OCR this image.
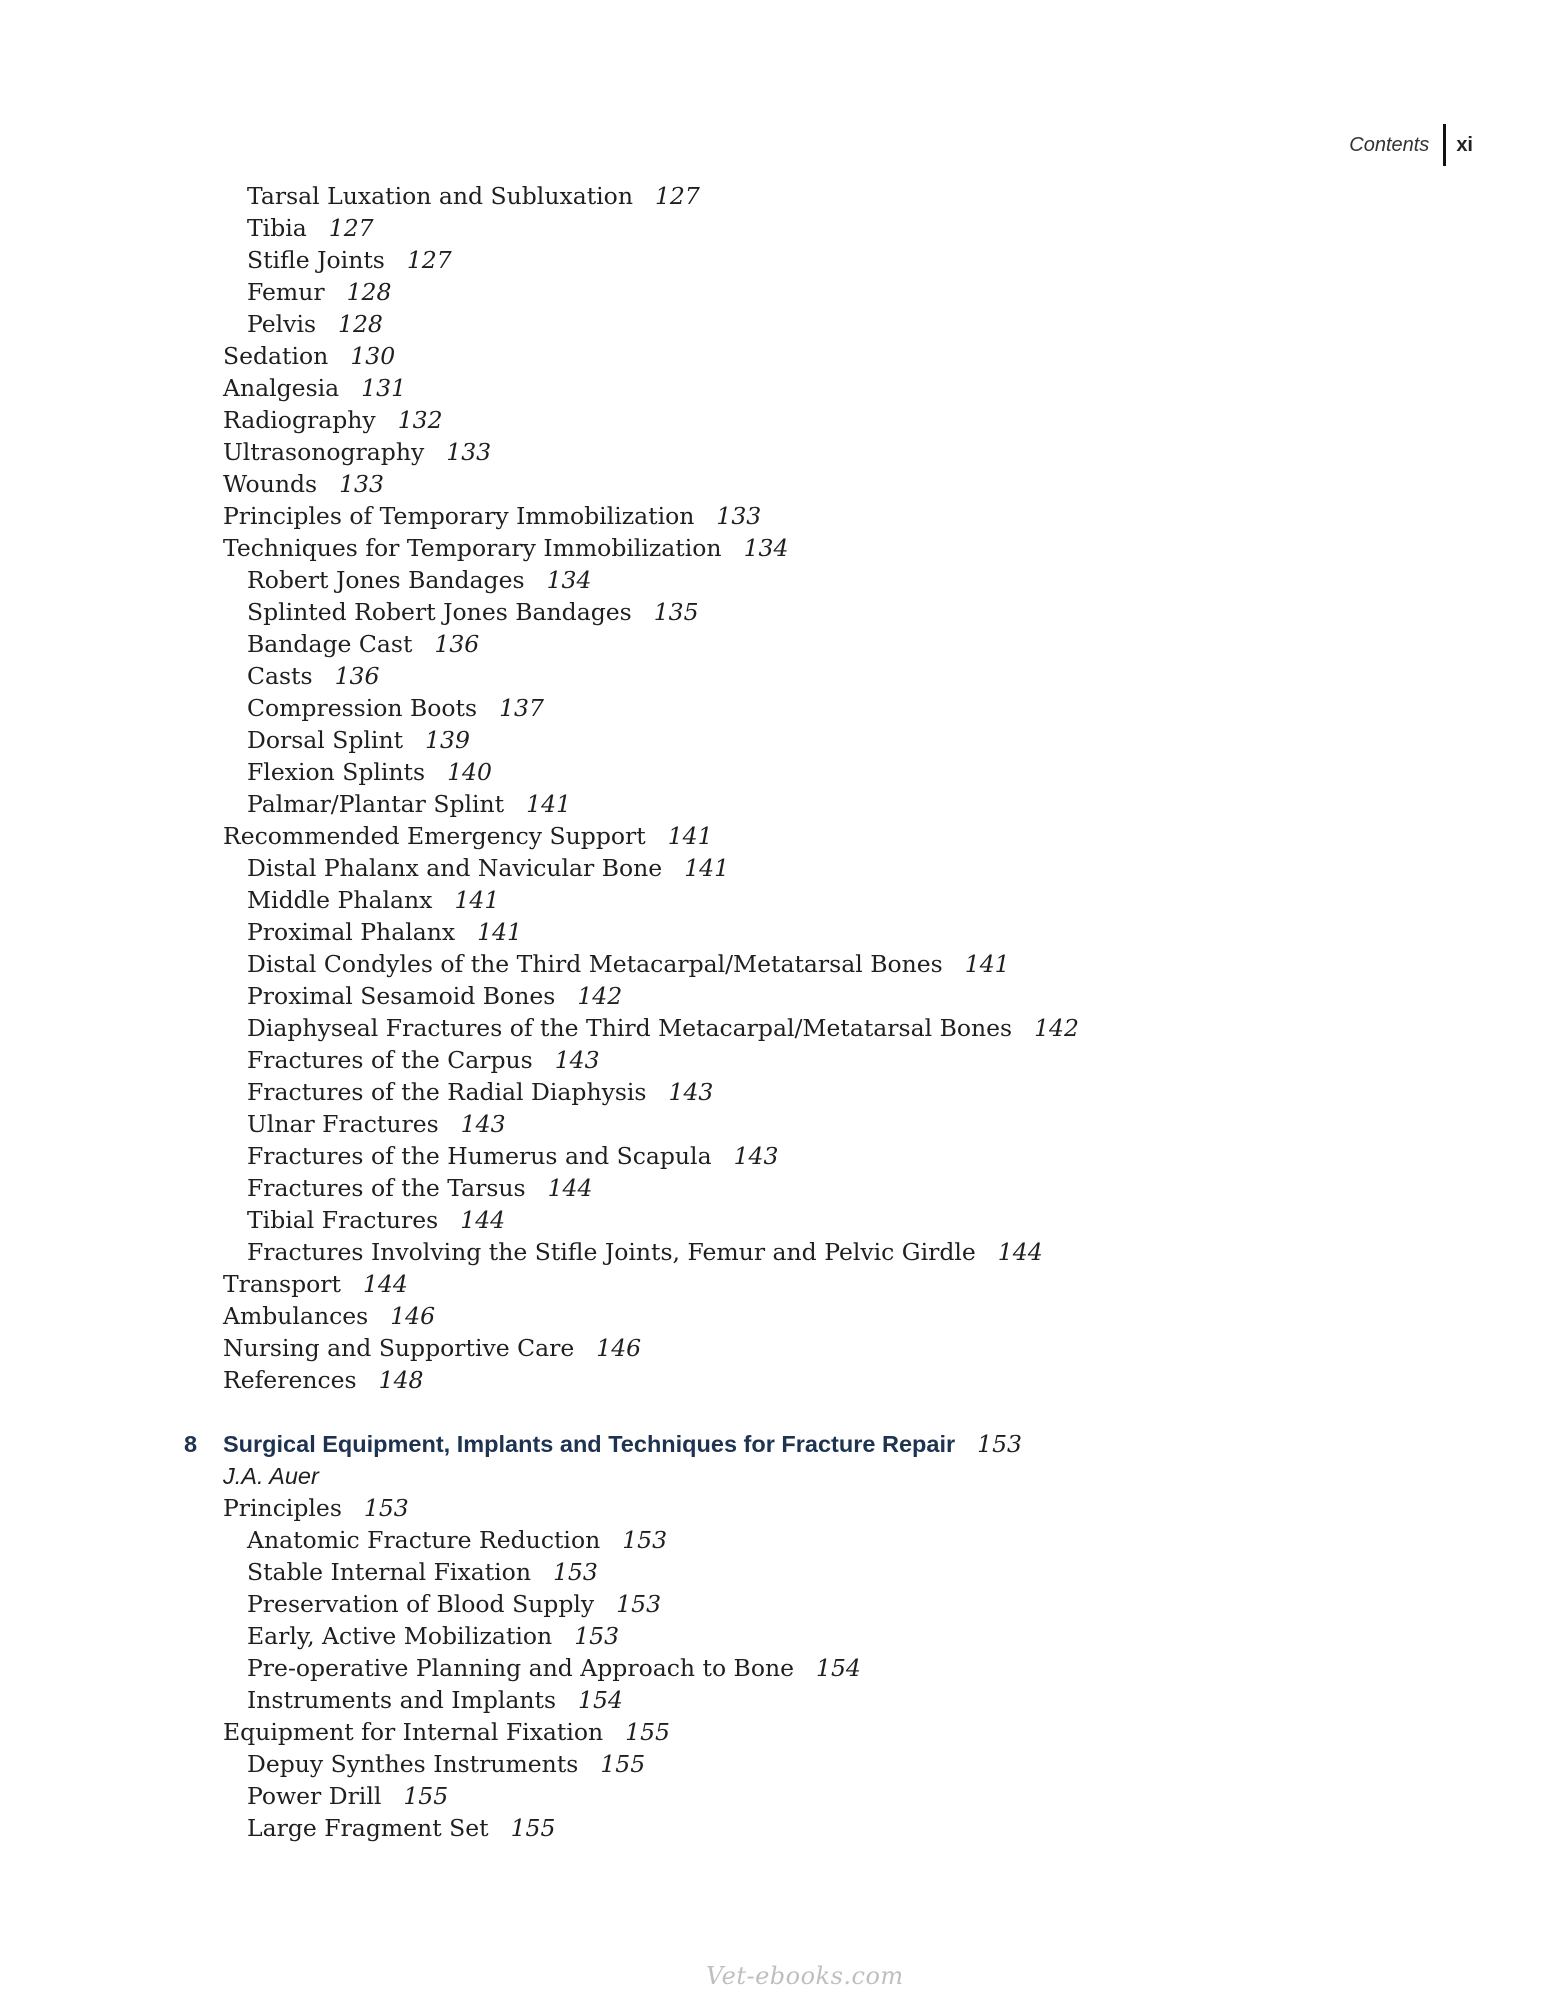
Contents xi
Tarsal Luxation and Subluxation 127
Tibia 127
Stifle Joints 127
Femur 128
Pelvis 128
Sedation 130
Analgesia 131
Radiography 132
Ultrasonography 133
Wounds 133
Principles of Temporary Immobilization 133
Techniques for Temporary Immobilization 134
Robert Jones Bandages 134
Splinted Robert Jones Bandages 135
Bandage Cast 136
Casts 136
Compression Boots 137
Dorsal Splint 139
Flexion Splints 140
Palmar/Plantar Splint 141
Recommended Emergency Support 141
Distal Phalanx and Navicular Bone 141
Middle Phalanx 141
Proximal Phalanx 141
Distal Condyles of the Third Metacarpal/Metatarsal Bones 141
Proximal Sesamoid Bones 142
Diaphyseal Fractures of the Third Metacarpal/Metatarsal Bones 142
Fractures of the Carpus 143
Fractures of the Radial Diaphysis 143
Ulnar Fractures 143
Fractures of the Humerus and Scapula 143
Fractures of the Tarsus 144
Tibial Fractures 144
Fractures Involving the Stifle Joints, Femur and Pelvic Girdle 144
Transport 144
Ambulances 146
Nursing and Supportive Care 146
References 148
8 Surgical Equipment, Implants and Techniques for Fracture Repair 153
J.A. Auer
Principles 153
Anatomic Fracture Reduction 153
Stable Internal Fixation 153
Preservation of Blood Supply 153
Early, Active Mobilization 153
Pre-operative Planning and Approach to Bone 154
Instruments and Implants 154
Equipment for Internal Fixation 155
Depuy Synthes Instruments 155
Power Drill 155
Large Fragment Set 155
Vet-ebooks.com
